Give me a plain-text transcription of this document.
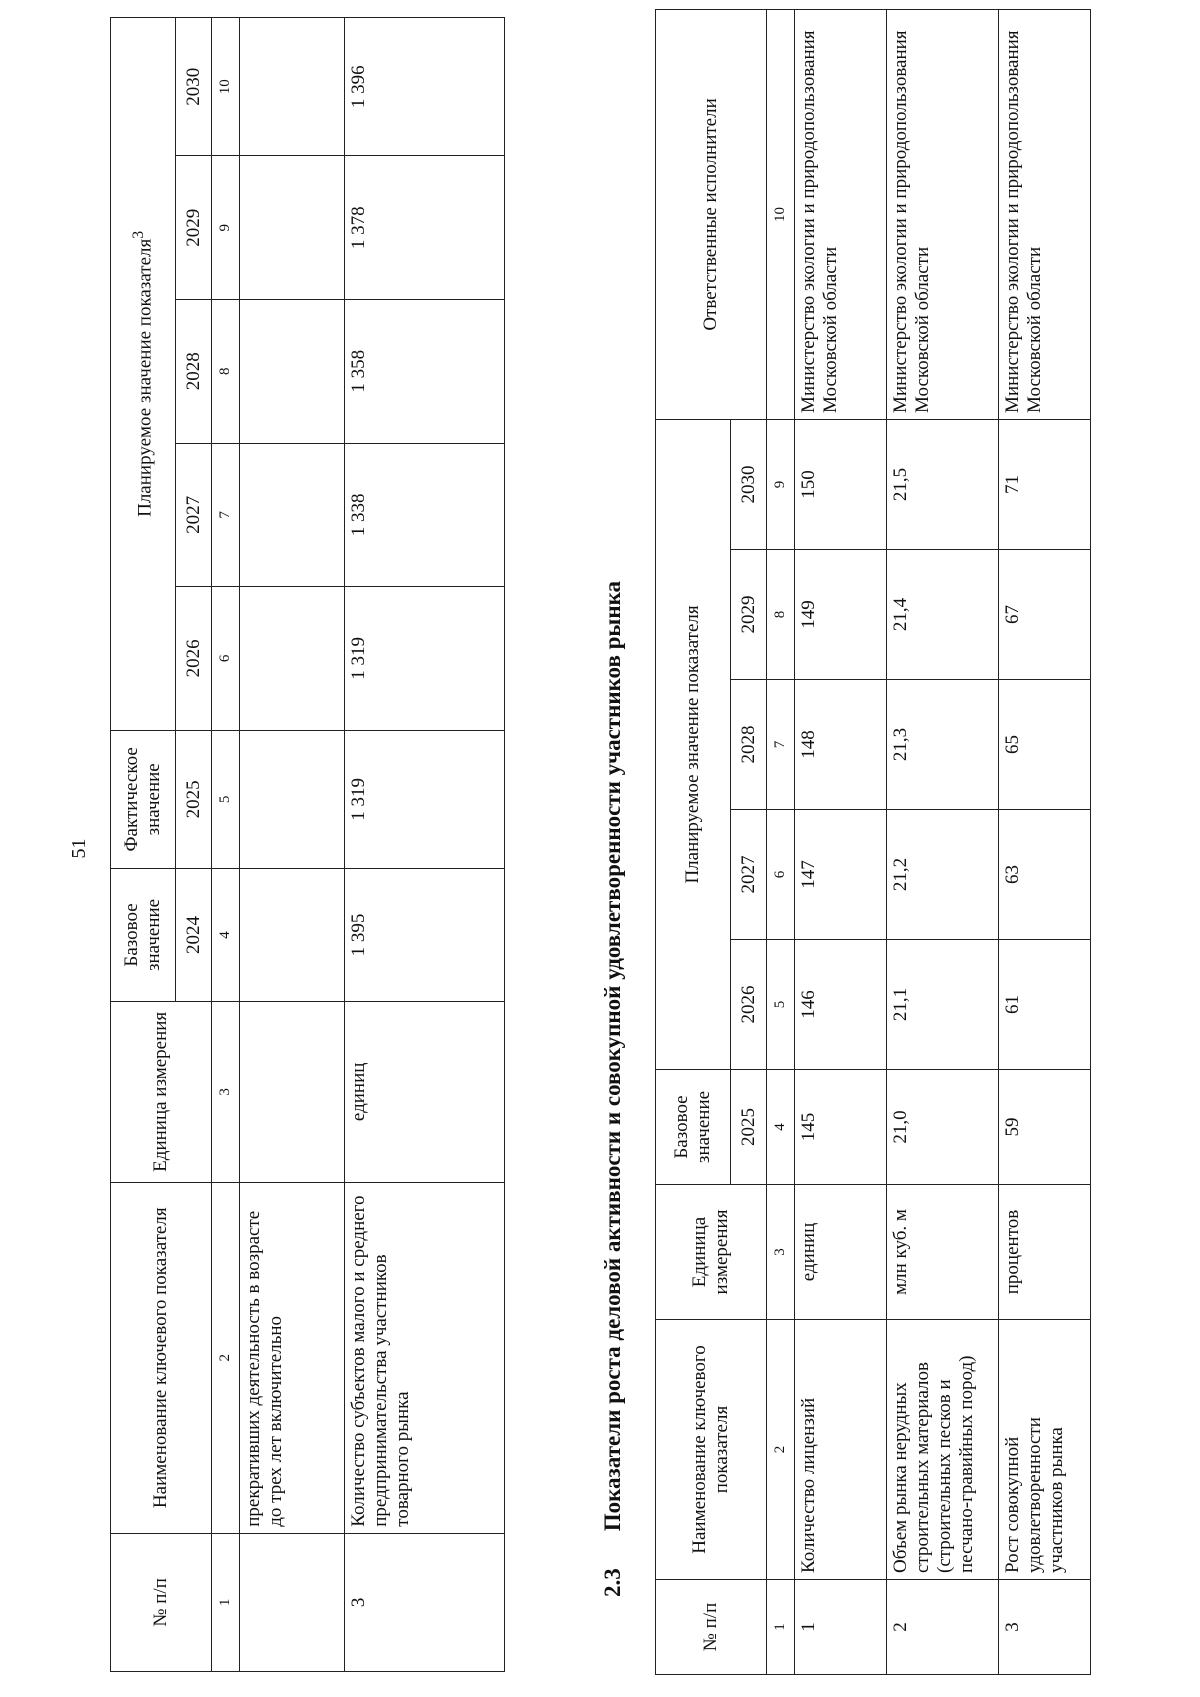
51
№ п/п	Наименование ключевого показателя	Единица измерения	Базовое значение	Фактическое значение	Планируемое значение показателя$^3$
			2024	2025	2026	2027	2028	2029	2030
1	2	3	4	5	6	7	8	9	10
	прекративших деятельность в возрасте до трех лет включительно								
3	Количество субъектов малого и среднего предпринимательства участников товарного рынка	единиц	1 395	1 319	1 319	1 338	1 358	1 378	1 396
2.3 Показатели роста деловой активности и совокупной удовлетворенности участников рынка
№ п/п	Наименование ключевого показателя	Единица измерения	Базовое значение	Планируемое значение показателя					Ответственные исполнители
			2025	2026	2027	2028	2029	2030	
1	2	3	4	5	6	7	8	9	10
1	Количество лицензий	единиц	145	146	147	148	149	150	Министерство экологии и природопользования Московской области
2	Объем рынка нерудных строительных материалов (строительных песков и песчано-гравийных пород)	млн куб. м	21,0	21,1	21,2	21,3	21,4	21,5	Министерство экологии и природопользования Московской области
3	Рост совокупной удовлетворенности участников рынка	процентов	59	61	63	65	67	71	Министерство экологии и природопользования Московской области
